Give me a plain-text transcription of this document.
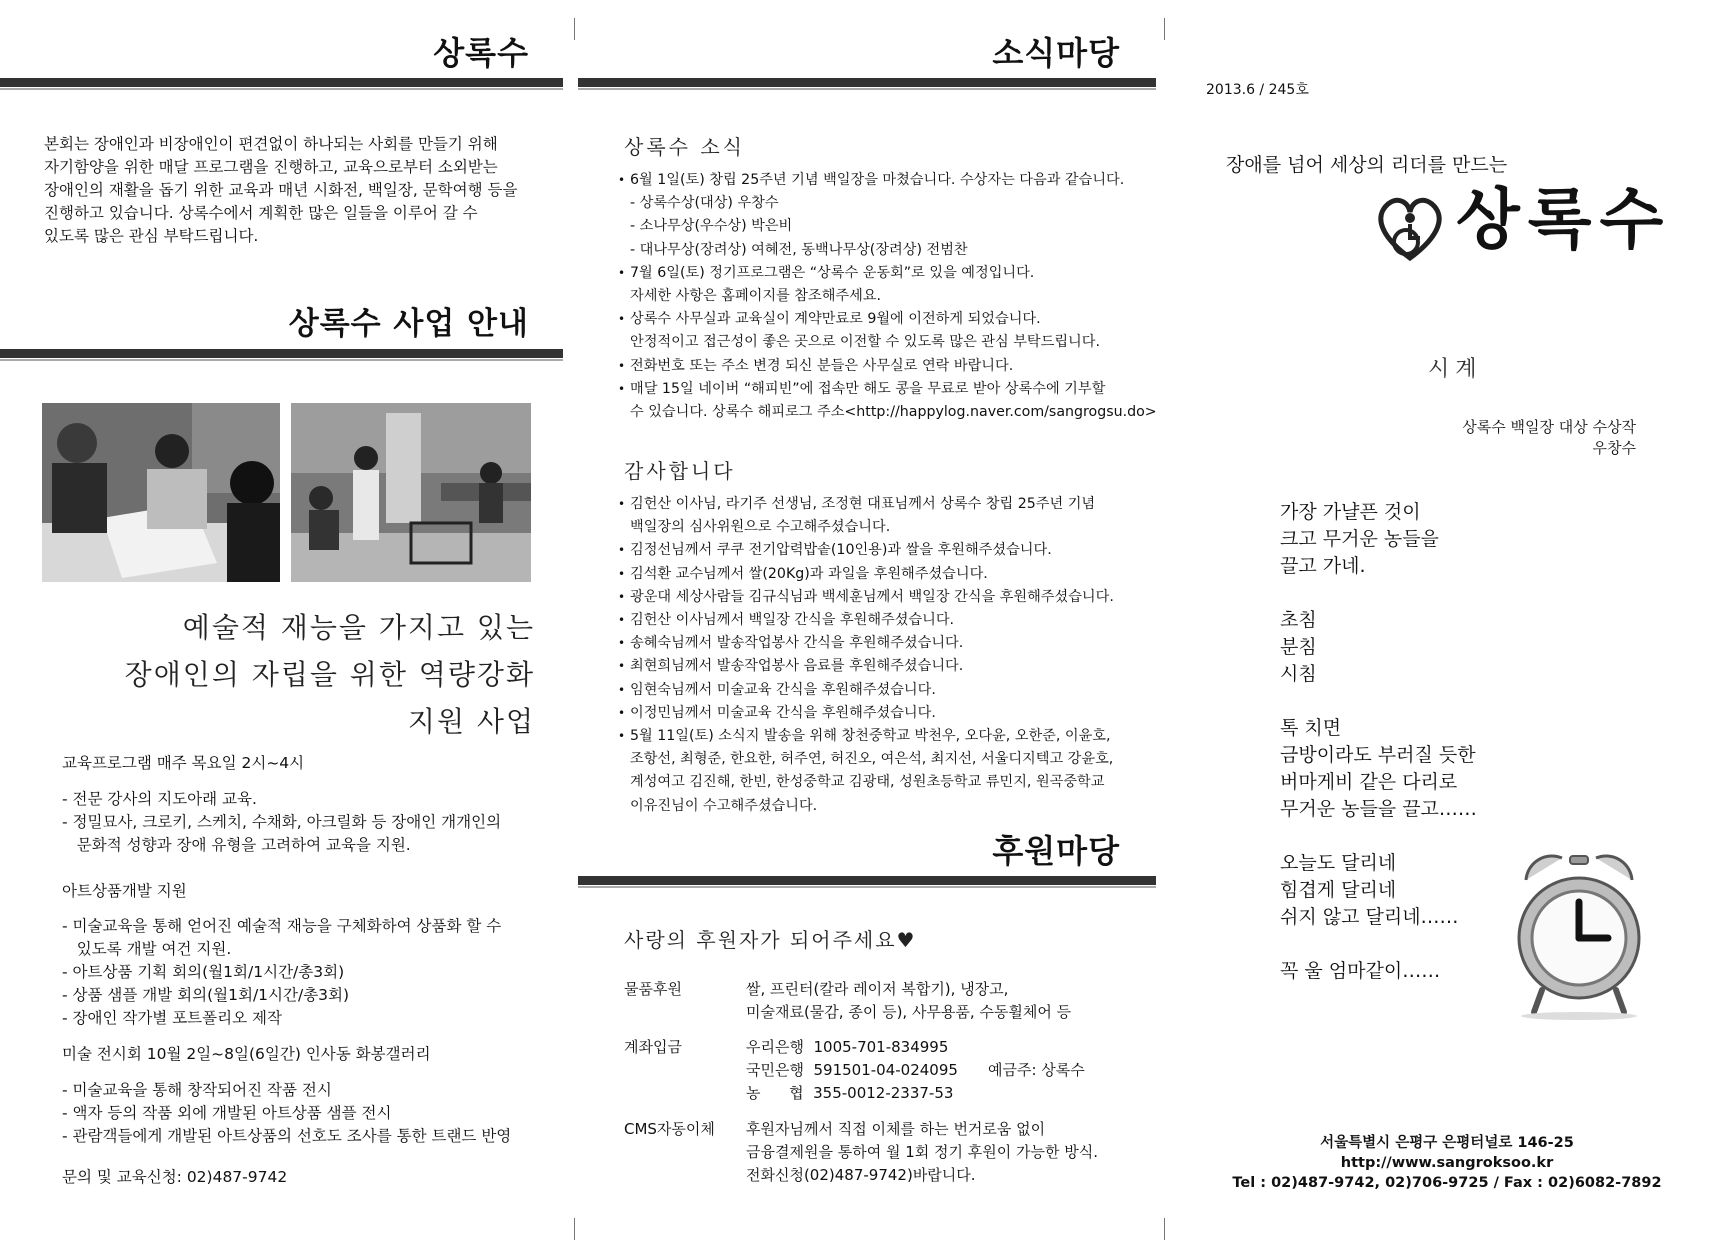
상록수
본회는 장애인과 비장애인이 편견없이 하나되는 사회를 만들기 위해
자기함양을 위한 매달 프로그램을 진행하고, 교육으로부터 소외받는
장애인의 재활을 돕기 위한 교육과 매년 시화전, 백일장, 문학여행 등을
진행하고 있습니다. 상록수에서 계획한 많은 일들을 이루어 갈 수
있도록 많은 관심 부탁드립니다.
상록수 사업 안내
예술적 재능을 가지고 있는
장애인의 자립을 위한 역량강화
지원 사업
교육프로그램 매주 목요일 2시~4시
- 전문 강사의 지도아래 교육.
- 정밀묘사, 크로키, 스케치, 수채화, 아크릴화 등 장애인 개개인의
문화적 성향과 장애 유형을 고려하여 교육을 지원.
아트상품개발 지원
- 미술교육을 통해 얻어진 예술적 재능을 구체화하여 상품화 할 수
있도록 개발 여건 지원.
- 아트상품 기획 회의(월1회/1시간/총3회)
- 상품 샘플 개발 회의(월1회/1시간/총3회)
- 장애인 작가별 포트폴리오 제작
미술 전시회 10월 2일~8일(6일간) 인사동 화봉갤러리
- 미술교육을 통해 창작되어진 작품 전시
- 액자 등의 작품 외에 개발된 아트상품 샘플 전시
- 관람객들에게 개발된 아트상품의 선호도 조사를 통한 트랜드 반영
문의 및 교육신청: 02)487-9742
소식마당
상록수 소식
• 6월 1일(토) 창립 25주년 기념 백일장을 마쳤습니다. 수상자는 다음과 같습니다.
- 상록수상(대상) 우창수
- 소나무상(우수상) 박은비
- 대나무상(장려상) 여혜전, 동백나무상(장려상) 전범찬
• 7월 6일(토) 정기프로그램은 “상록수 운동회”로 있을 예정입니다.
자세한 사항은 홈페이지를 참조해주세요.
• 상록수 사무실과 교육실이 계약만료로 9월에 이전하게 되었습니다.
안정적이고 접근성이 좋은 곳으로 이전할 수 있도록 많은 관심 부탁드립니다.
• 전화번호 또는 주소 변경 되신 분들은 사무실로 연락 바랍니다.
• 매달 15일 네이버 “해피빈”에 접속만 해도 콩을 무료로 받아 상록수에 기부할
수 있습니다. 상록수 해피로그 주소<http://happylog.naver.com/sangrogsu.do>
감사합니다
• 김헌산 이사님, 라기주 선생님, 조정현 대표님께서 상록수 창립 25주년 기념
백일장의 심사위원으로 수고해주셨습니다.
• 김정선님께서 쿠쿠 전기압력밥솥(10인용)과 쌀을 후원해주셨습니다.
• 김석환 교수님께서 쌀(20Kg)과 과일을 후원해주셨습니다.
• 광운대 세상사람들 김규식님과 백세훈님께서 백일장 간식을 후원해주셨습니다.
• 김헌산 이사님께서 백일장 간식을 후원해주셨습니다.
• 송혜숙님께서 발송작업봉사 간식을 후원해주셨습니다.
• 최현희님께서 발송작업봉사 음료를 후원해주셨습니다.
• 임현숙님께서 미술교육 간식을 후원해주셨습니다.
• 이정민님께서 미술교육 간식을 후원해주셨습니다.
• 5월 11일(토) 소식지 발송을 위해 창천중학교 박천우, 오다윤, 오한준, 이윤호,
조항선, 최형준, 한요한, 허주연, 허진오, 여은석, 최지선, 서울디지텍고 강윤호,
계성여고 김진해, 한빈, 한성중학교 김광태, 성원초등학교 류민지, 원곡중학교
이유진님이 수고해주셨습니다.
후원마당
사랑의 후원자가 되어주세요♥
물품후원	쌀, 프린터(칼라 레이저 복합기), 냉장고,
미술재료(물감, 종이 등), 사무용품, 수동휠체어 등
계좌입금	우리은행  1005-701-834995
국민은행  591501-04-024095
농      협  355-0012-2337-53
예금주: 상록수
CMS자동이체 후원자님께서 직접 이체를 하는 번거로움 없이
금융결제원을 통하여 월 1회 정기 후원이 가능한 방식.
전화신청(02)487-9742)바랍니다.
2013.6 / 245호
장애를 넘어 세상의 리더를 만드는
상록수
시계
상록수 백일장 대상 수상작
우창수

가장 가냘픈 것이

크고 무거운 농들을

끌고 가네.

초침

분침

시침

톡 치면

금방이라도 부러질 듯한

버마게비 같은 다리로

무거운 농들을 끌고……

오늘도 달리네

힘겹게 달리네

쉬지 않고 달리네……

꼭 울 엄마같이……

서울특별시 은평구 은평터널로 146-25
http://www.sangroksoo.kr
Tel : 02)487-9742, 02)706-9725 / Fax : 02)6082-7892
